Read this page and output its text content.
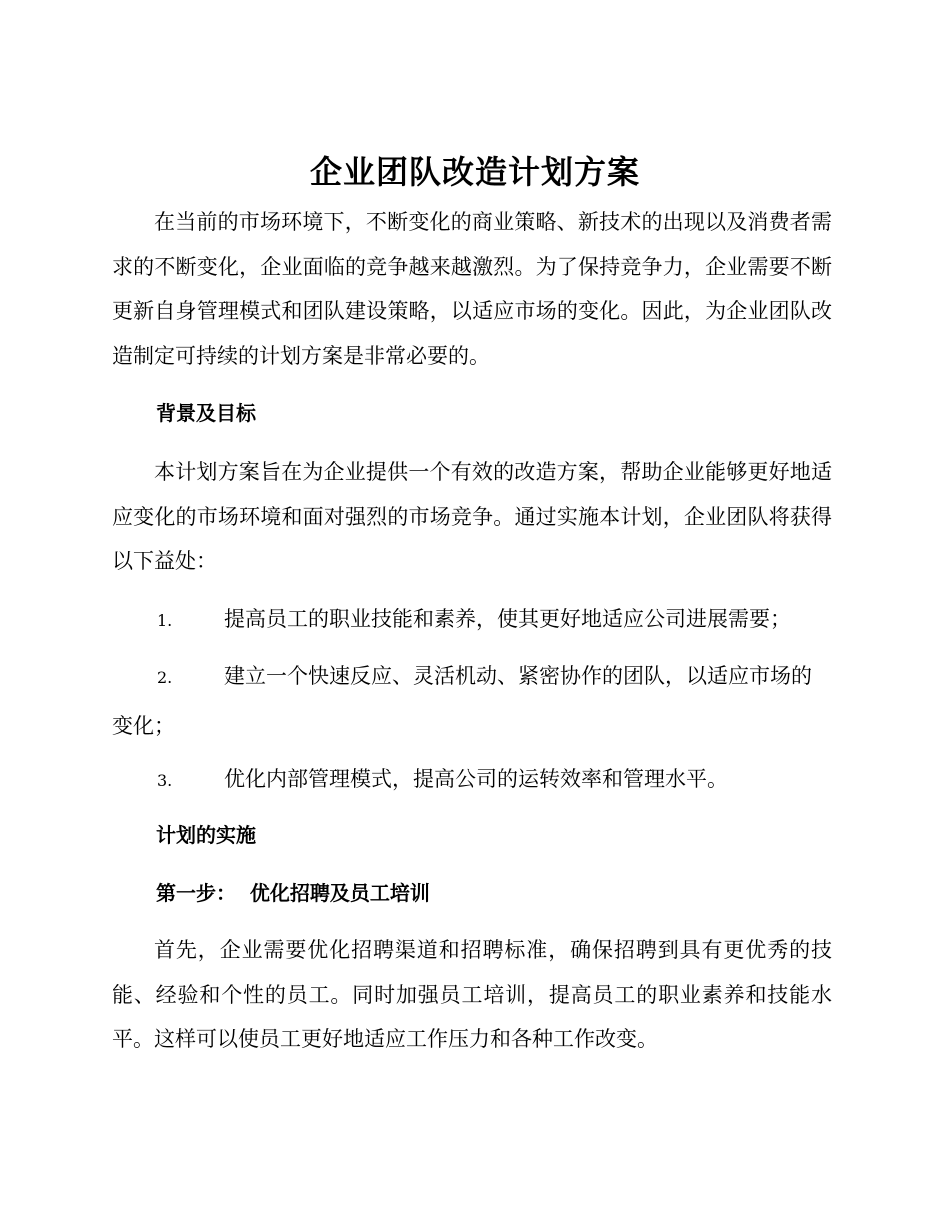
企业团队改造计划方案

在当前的市场环境下，不断变化的商业策略、新技术的出现以及消费者需求的不断变化，企业面临的竞争越来越激烈。为了保持竞争力，企业需要不断更新自身管理模式和团队建设策略，以适应市场的变化。因此，为企业团队改造制定可持续的计划方案是非常必要的。

背景及目标

本计划方案旨在为企业提供一个有效的改造方案，帮助企业能够更好地适应变化的市场环境和面对强烈的市场竞争。通过实施本计划，企业团队将获得以下益处：

1. 提高员工的职业技能和素养，使其更好地适应公司进展需要；

2. 建立一个快速反应、灵活机动、紧密协作的团队，以适应市场的变化；

3. 优化内部管理模式，提高公司的运转效率和管理水平。

计划的实施
第一步：  优化招聘及员工培训

首先，企业需要优化招聘渠道和招聘标准，确保招聘到具有更优秀的技能、经验和个性的员工。同时加强员工培训，提高员工的职业素养和技能水平。这样可以使员工更好地适应工作压力和各种工作改变。
